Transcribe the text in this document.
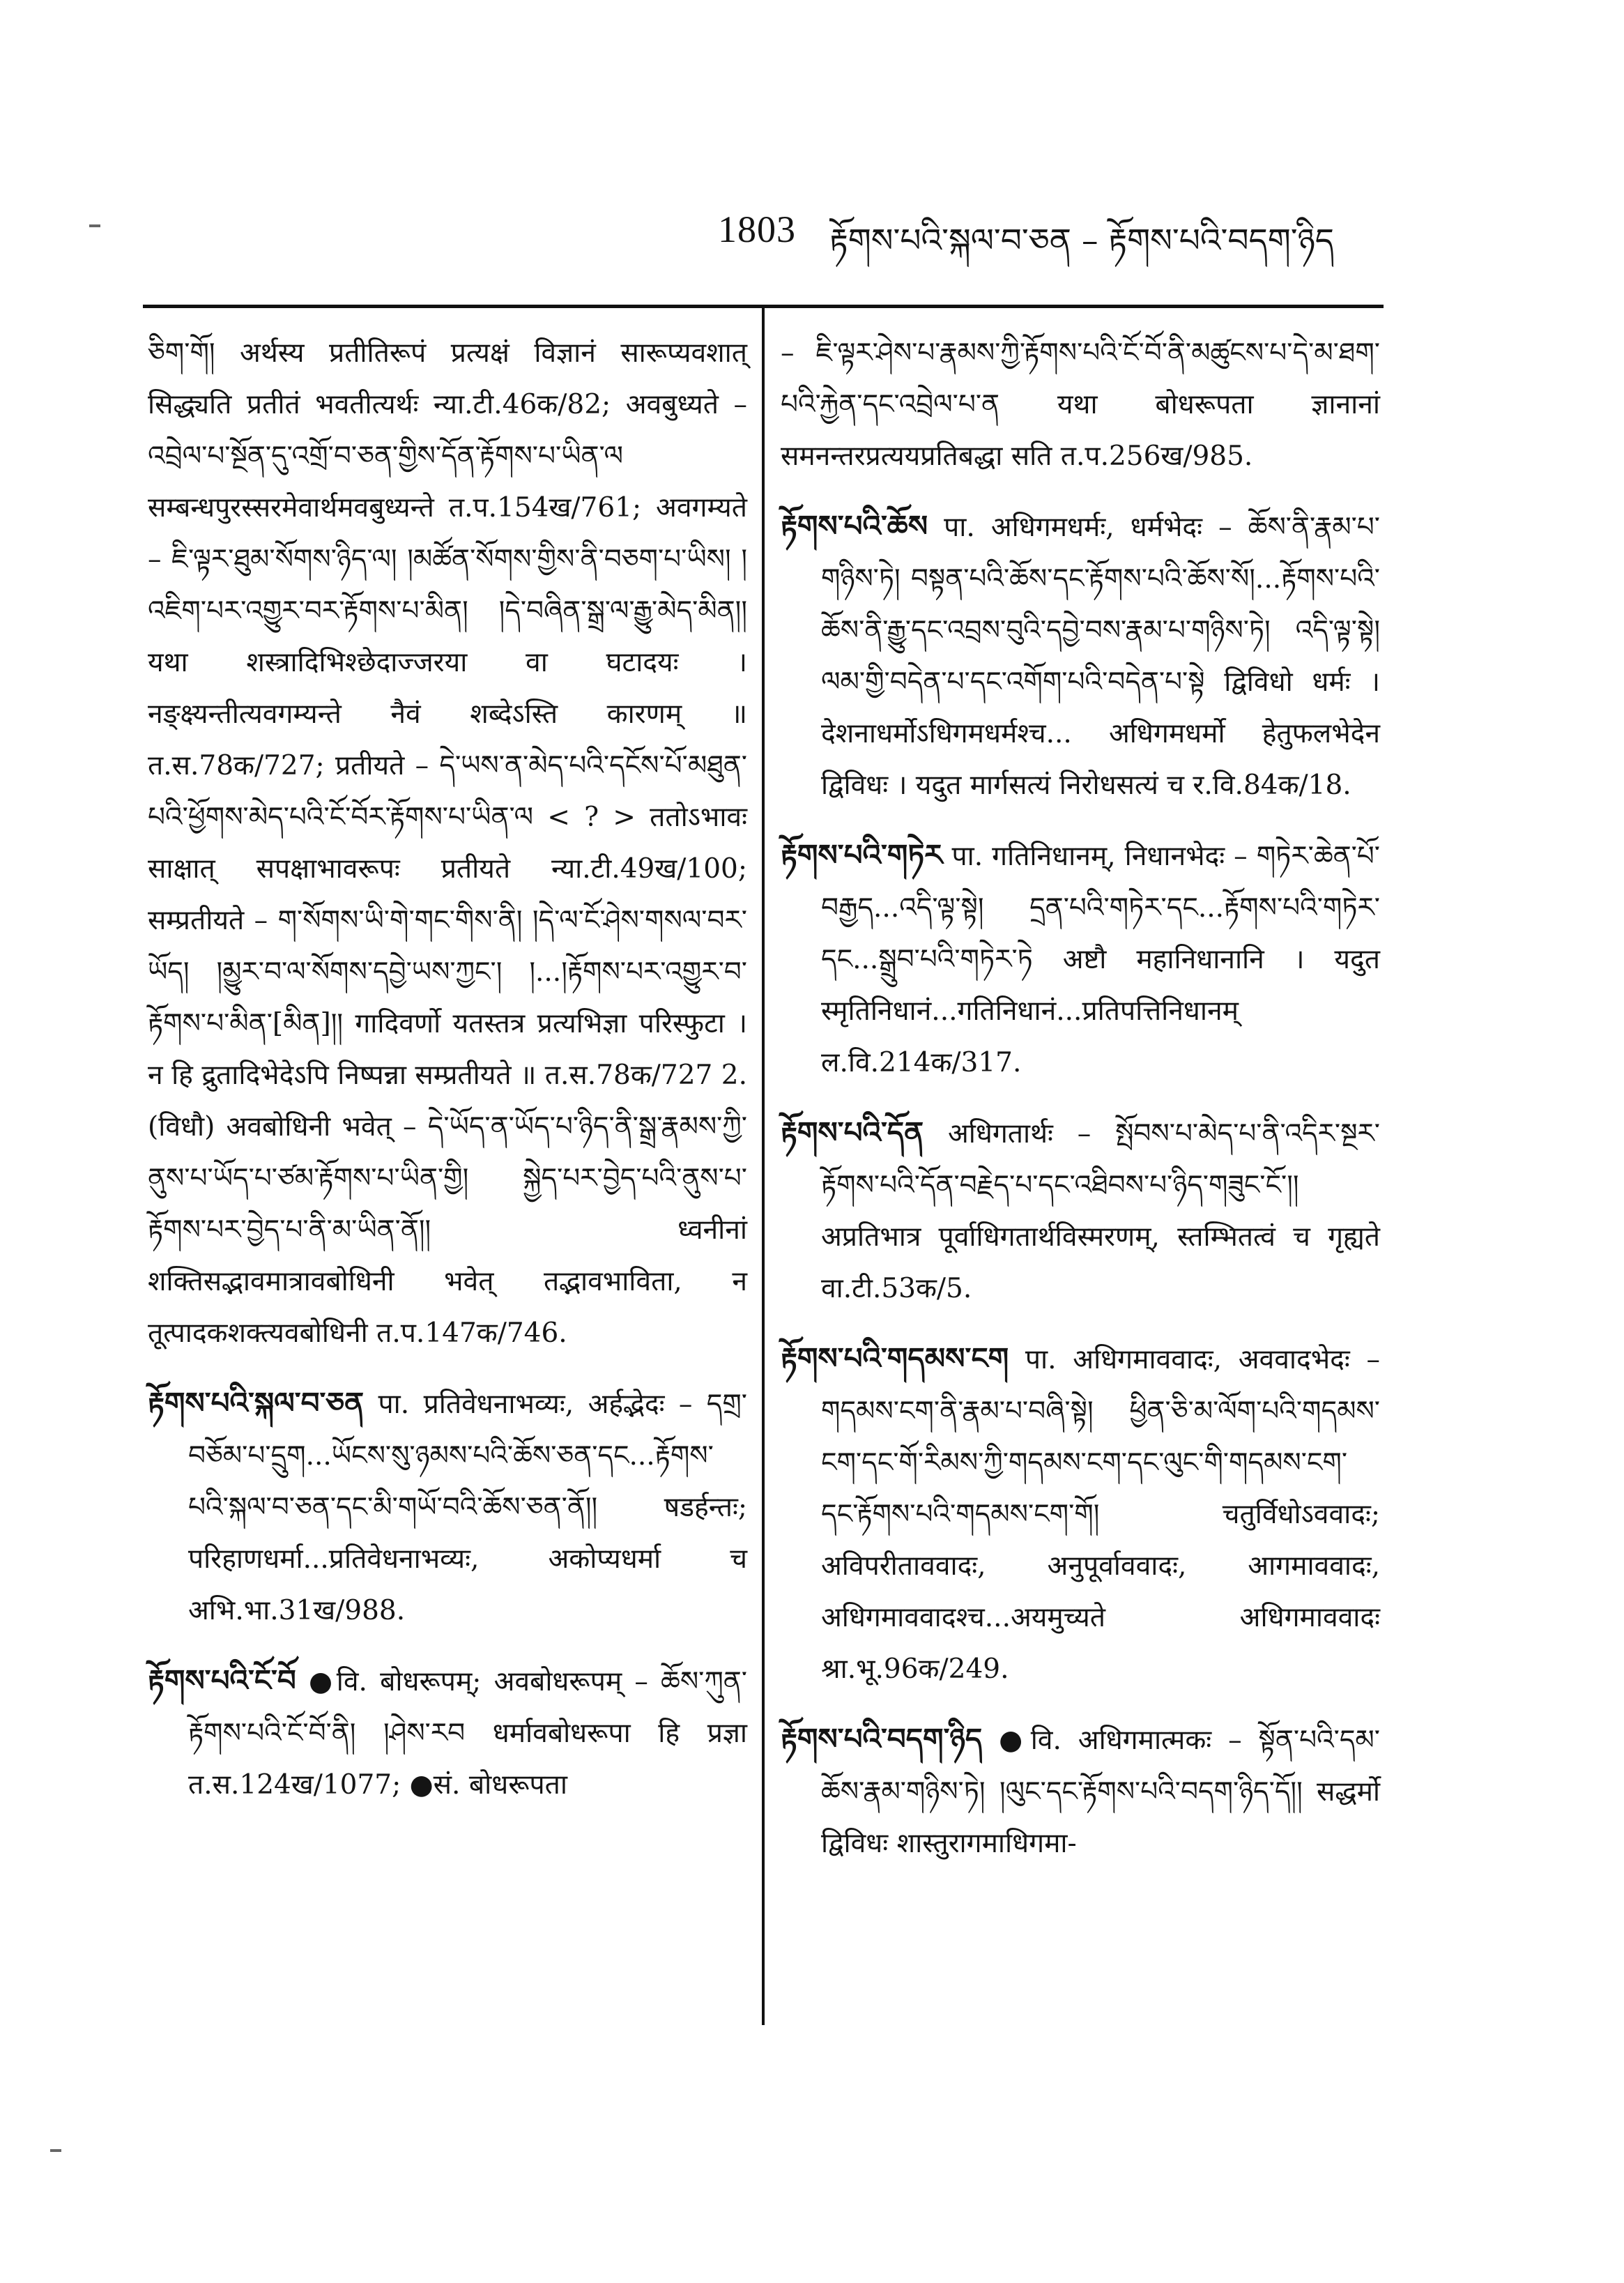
1803 རྟོགས་པའི་སྐལ་བ་ཅན – རྟོགས་པའི་བདག་ཉིད
ཅིག་གོ། अर्थस्य प्रतीतिरूपं प्रत्यक्षं विज्ञानं सारूप्यवशात् सिद्ध्यति प्रतीतं भवतीत्यर्थः न्या.टी.46क/82; अवबुध्यते – འབྲེལ་པ་སྔོན་དུ་འགྲོ་བ་ཅན་གྱིས་དོན་རྟོགས་པ་ཡིན་ལ सम्बन्धपुरस्सरमेवार्थमवबुध्यन्ते त.प.154ख/761; अवगम्यते – ཇི་ལྟར་ཐུམ་སོགས་ཉིད་ལ། །མཚོན་སོགས་གྱིས་ནི་བཅག་པ་ཡིས། །འཇིག་པར་འགྱུར་བར་རྟོགས་པ་མིན། །དེ་བཞིན་སྒྲ་ལ་རྒྱུ་མེད་མིན།། यथा शस्त्रादिभिश्छेदाज्जरया वा घटादयः । नङ्क्ष्यन्तीत्यवगम्यन्ते नैवं शब्देऽस्ति कारणम् ॥ त.स.78क/727; प्रतीयते – དེ་ཡས་ན་མེད་པའི་དངོས་པོ་མཐུན་པའི་ཕྱོགས་མེད་པའི་ངོ་བོར་རྟོགས་པ་ཡིན་ལ < ? > ततोऽभावः साक्षात् सपक्षाभावरूपः प्रतीयते न्या.टी.49ख/100; सम्प्रतीयते – ག་སོགས་ཡི་གེ་གང་གིས་ནི། །དེ་ལ་ངོ་ཤེས་གསལ་བར་ཡོད། །མྱུར་བ་ལ་སོགས་དབྱེ་ཡས་ཀྱང་། །...།རྟོགས་པར་འགྱུར་བ་རྟོགས་པ་མིན་[མིན]།། गादिवर्णो यतस्तत्र प्रत्यभिज्ञा परिस्फुटा । न हि द्रुतादिभेदेऽपि निष्पन्ना सम्प्रतीयते ॥ त.स.78क/727 2. (विधौ) अवबोधिनी भवेत् – དེ་ཡོད་ན་ཡོད་པ་ཉིད་ནི་སྒྲ་རྣམས་ཀྱི་ནུས་པ་ཡོད་པ་ཙམ་རྟོགས་པ་ཡིན་གྱི། སྐྱེད་པར་བྱེད་པའི་ནུས་པ་རྟོགས་པར་བྱེད་པ་ནི་མ་ཡིན་ནོ།། ध्वनीनां शक्तिसद्भावमात्रावबोधिनी भवेत् तद्भावभाविता, न तूत्पादकशक्त्यवबोधिनी त.प.147क/746.
རྟོགས་པའི་སྐལ་བ་ཅན पा. प्रतिवेधनाभव्यः, अर्हद्भेदः – དགྲ་བཅོམ་པ་དྲུག...ཡོངས་སུ་ཉམས་པའི་ཆོས་ཅན་དང...རྟོགས་པའི་སྐལ་བ་ཅན་དང་མི་གཡོ་བའི་ཆོས་ཅན་ནོ།། षडर्हन्तः; परिहाणधर्मा...प्रतिवेधनाभव्यः, अकोप्यधर्मा च अभि.भा.31ख/988.
རྟོགས་པའི་ངོ་བོ ●वि. बोधरूपम्; अवबोधरूपम् – ཆོས་ཀུན་རྟོགས་པའི་ངོ་བོ་ནི། །ཤེས་རབ धर्मावबोधरूपा हि प्रज्ञा त.स.124ख/1077; ●सं. बोधरूपता
– ཇི་ལྟར་ཤེས་པ་རྣམས་ཀྱི་རྟོགས་པའི་ངོ་བོ་ནི་མཚུངས་པ་དེ་མ་ཐག་པའི་རྐྱེན་དང་འབྲེལ་པ་ན यथा बोधरूपता ज्ञानानां समनन्तरप्रत्ययप्रतिबद्धा सति त.प.256ख/985.
རྟོགས་པའི་ཆོས पा. अधिगमधर्मः, धर्मभेदः – ཆོས་ནི་རྣམ་པ་གཉིས་ཏེ། བསྟན་པའི་ཆོས་དང་རྟོགས་པའི་ཆོས་སོ།...རྟོགས་པའི་ཆོས་ནི་རྒྱུ་དང་འབྲས་བུའི་དབྱེ་བས་རྣམ་པ་གཉིས་ཏེ། འདི་ལྟ་སྟེ། ལམ་གྱི་བདེན་པ་དང་འགོག་པའི་བདེན་པ་སྟེ द्विविधो धर्मः । देशनाधर्मोऽधिगमधर्मश्च... अधिगमधर्मो हेतुफलभेदेन द्विविधः । यदुत मार्गसत्यं निरोधसत्यं च र.वि.84क/18.
རྟོགས་པའི་གཏེར पा. गतिनिधानम्, निधानभेदः – གཏེར་ཆེན་པོ་བརྒྱད...འདི་ལྟ་སྟེ། དྲན་པའི་གཏེར་དང...རྟོགས་པའི་གཏེར་དང...སྒྲུབ་པའི་གཏེར་ཏེ अष्टौ महानिधानानि । यदुत स्मृतिनिधानं...गतिनिधानं...प्रतिपत्तिनिधानम् ल.वि.214क/317.
རྟོགས་པའི་དོན अधिगतार्थः – སྤོབས་པ་མེད་པ་ནི་འདིར་སྔར་རྟོགས་པའི་དོན་བརྗེད་པ་དང་འཐིབས་པ་ཉིད་གཟུང་ངོ་།། अप्रतिभात्र पूर्वाधिगतार्थविस्मरणम्, स्तम्भितत्वं च गृह्यते वा.टी.53क/5.
རྟོགས་པའི་གདམས་ངག पा. अधिगमाववादः, अववादभेदः – གདམས་ངག་ནི་རྣམ་པ་བཞི་སྟེ། ཕྱིན་ཅི་མ་ལོག་པའི་གདམས་ངག་དང་གོ་རིམས་ཀྱི་གདམས་ངག་དང་ལུང་གི་གདམས་ངག་དང་རྟོགས་པའི་གདམས་ངག་གོ། चतुर्विधोऽववादः; अविपरीताववादः, अनुपूर्वाववादः, आगमाववादः, अधिगमाववादश्च...अयमुच्यते अधिगमाववादः श्रा.भू.96क/249.
རྟོགས་པའི་བདག་ཉིད ●वि. अधिगमात्मकः – སྟོན་པའི་དམ་ཆོས་རྣམ་གཉིས་ཏེ། །ལུང་དང་རྟོགས་པའི་བདག་ཉིད་དོ།། सद्धर्मो द्विविधः शास्तुरागमाधिगमा-
